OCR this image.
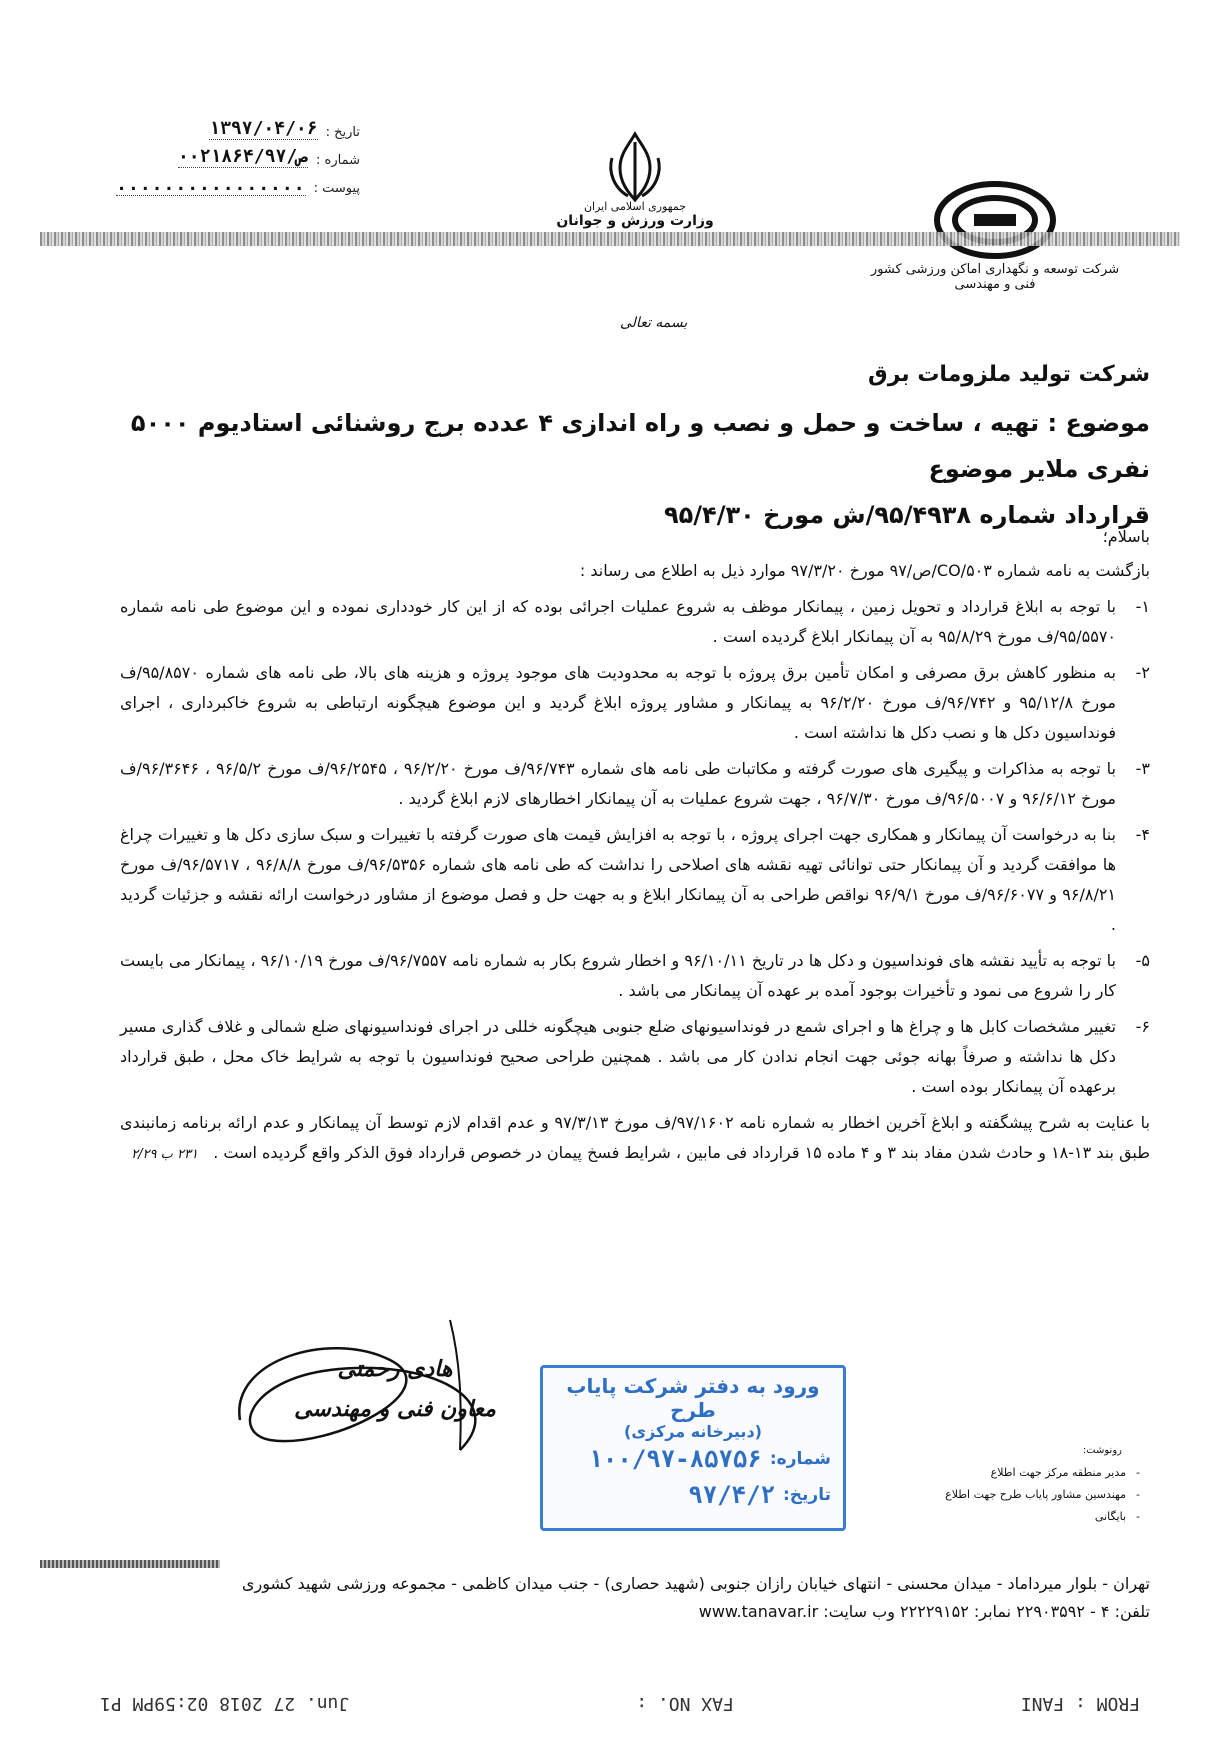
تاریخ :
۱۳۹۷/۰۴/۰۶
شماره :
۰۰۲۱۸۶۴/۹۷/ص
پیوست :
................
جمهوری اسلامی ایران
وزارت ورزش و جوانان
شرکت توسعه و نگهداری اماکن ورزشی کشور
فنی و مهندسی
بسمه تعالی
شرکت تولید ملزومات برق
موضوع : تهیه ، ساخت و حمل و نصب و راه اندازی ۴ عدده برج روشنائی استادیوم ۵۰۰۰ نفری ملایر موضوع
قرارداد شماره ۹۵/۴۹۳۸/ش مورخ ۹۵/۴/۳۰

باسلام؛

بازگشت به نامه شماره CO/۵۰۳/ص/۹۷ مورخ ۹۷/۳/۲۰ موارد ذیل به اطلاع می رساند :

۱-
با توجه به ابلاغ قرارداد و تحویل زمین ، پیمانکار موظف به شروع عملیات اجرائی بوده که از این کار خودداری نموده و این موضوع طی نامه شماره ۹۵/۵۵۷۰/ف مورخ ۹۵/۸/۲۹ به آن پیمانکار ابلاغ گردیده است .
۲-
به منظور کاهش برق مصرفی و امکان تأمین برق پروژه با توجه به محدودیت های موجود پروژه و هزینه های بالا، طی نامه های شماره ۹۵/۸۵۷۰/ف مورخ ۹۵/۱۲/۸ و ۹۶/۷۴۲/ف مورخ ۹۶/۲/۲۰ به پیمانکار و مشاور پروژه ابلاغ گردید و این موضوع هیچگونه ارتباطی به شروع خاکبرداری ، اجرای فونداسیون دکل ها و نصب دکل ها نداشته است .
۳-
با توجه به مذاکرات و پیگیری های صورت گرفته و مکاتبات طی نامه های شماره ۹۶/۷۴۳/ف مورخ ۹۶/۲/۲۰ ، ۹۶/۲۵۴۵/ف مورخ ۹۶/۵/۲ ، ۹۶/۳۶۴۶/ف مورخ ۹۶/۶/۱۲ و ۹۶/۵۰۰۷/ف مورخ ۹۶/۷/۳۰ ، جهت شروع عملیات به آن پیمانکار اخطارهای لازم ابلاغ گردید .
۴-
بنا به درخواست آن پیمانکار و همکاری جهت اجرای پروژه ، با توجه به افزایش قیمت های صورت گرفته با تغییرات و سبک سازی دکل ها و تغییرات چراغ ها موافقت گردید و آن پیمانکار حتی توانائی تهیه نقشه های اصلاحی را نداشت که طی نامه های شماره ۹۶/۵۳۵۶/ف مورخ ۹۶/۸/۸ ، ۹۶/۵۷۱۷/ف مورخ ۹۶/۸/۲۱ و ۹۶/۶۰۷۷/ف مورخ ۹۶/۹/۱ نواقص طراحی به آن پیمانکار ابلاغ و به جهت حل و فصل موضوع از مشاور درخواست ارائه نقشه و جزئیات گردید .
۵-
با توجه به تأیید نقشه های فونداسیون و دکل ها در تاریخ ۹۶/۱۰/۱۱ و اخطار شروع بکار به شماره نامه ۹۶/۷۵۵۷/ف مورخ ۹۶/۱۰/۱۹ ، پیمانکار می بایست کار را شروع می نمود و تأخیرات بوجود آمده بر عهده آن پیمانکار می باشد .
۶-
تغییر مشخصات کابل ها و چراغ ها و اجرای شمع در فونداسیونهای ضلع جنوبی هیچگونه خللی در اجرای فونداسیونهای ضلع شمالی و غلاف گذاری مسیر دکل ها نداشته و صرفاً بهانه جوئی جهت انجام ندادن کار می باشد . همچنین طراحی صحیح فونداسیون با توجه به شرایط خاک محل ، طبق قرارداد برعهده آن پیمانکار بوده است .

با عنایت به شرح پیشگفته و ابلاغ آخرین اخطار به شماره نامه ۹۷/۱۶۰۲/ف مورخ ۹۷/۳/۱۳ و عدم اقدام لازم توسط آن پیمانکار و عدم ارائه برنامه زمانبندی طبق بند ۱۳-۱۸ و حادث شدن مفاد بند ۳ و ۴ ماده ۱۵ قرارداد فی مابین ، شرایط فسخ پیمان در خصوص قرارداد فوق الذکر واقع گردیده است .   ۲۳۱ ب ۲/۲۹

هادی رحمتی
معاون فنی و مهندسی
ورود به دفتر شرکت پایاب طرح
(دبیرخانه مرکزی)
شماره:
۱۰۰/۹۷-۸۵۷۵۶
تاریخ:
۹۷/۴/۲
رونوشت:
-
مدیر منطقه مرکز جهت اطلاع
-
مهندسین مشاور پایاب طرح جهت اطلاع
-
بایگانی
تهران - بلوار میرداماد - میدان محسنی - انتهای خیابان رازان جنوبی (شهید حصاری) - جنب میدان کاظمی - مجموعه ورزشی شهید کشوری
تلفن: ۴ - ۲۲۹۰۳۵۹۲ نمابر: ۲۲۲۲۹۱۵۲ وب سایت: www.tanavar.ir
FROM : FANI
FAX NO. :
Jun. 27 2018 02:59PM P1
